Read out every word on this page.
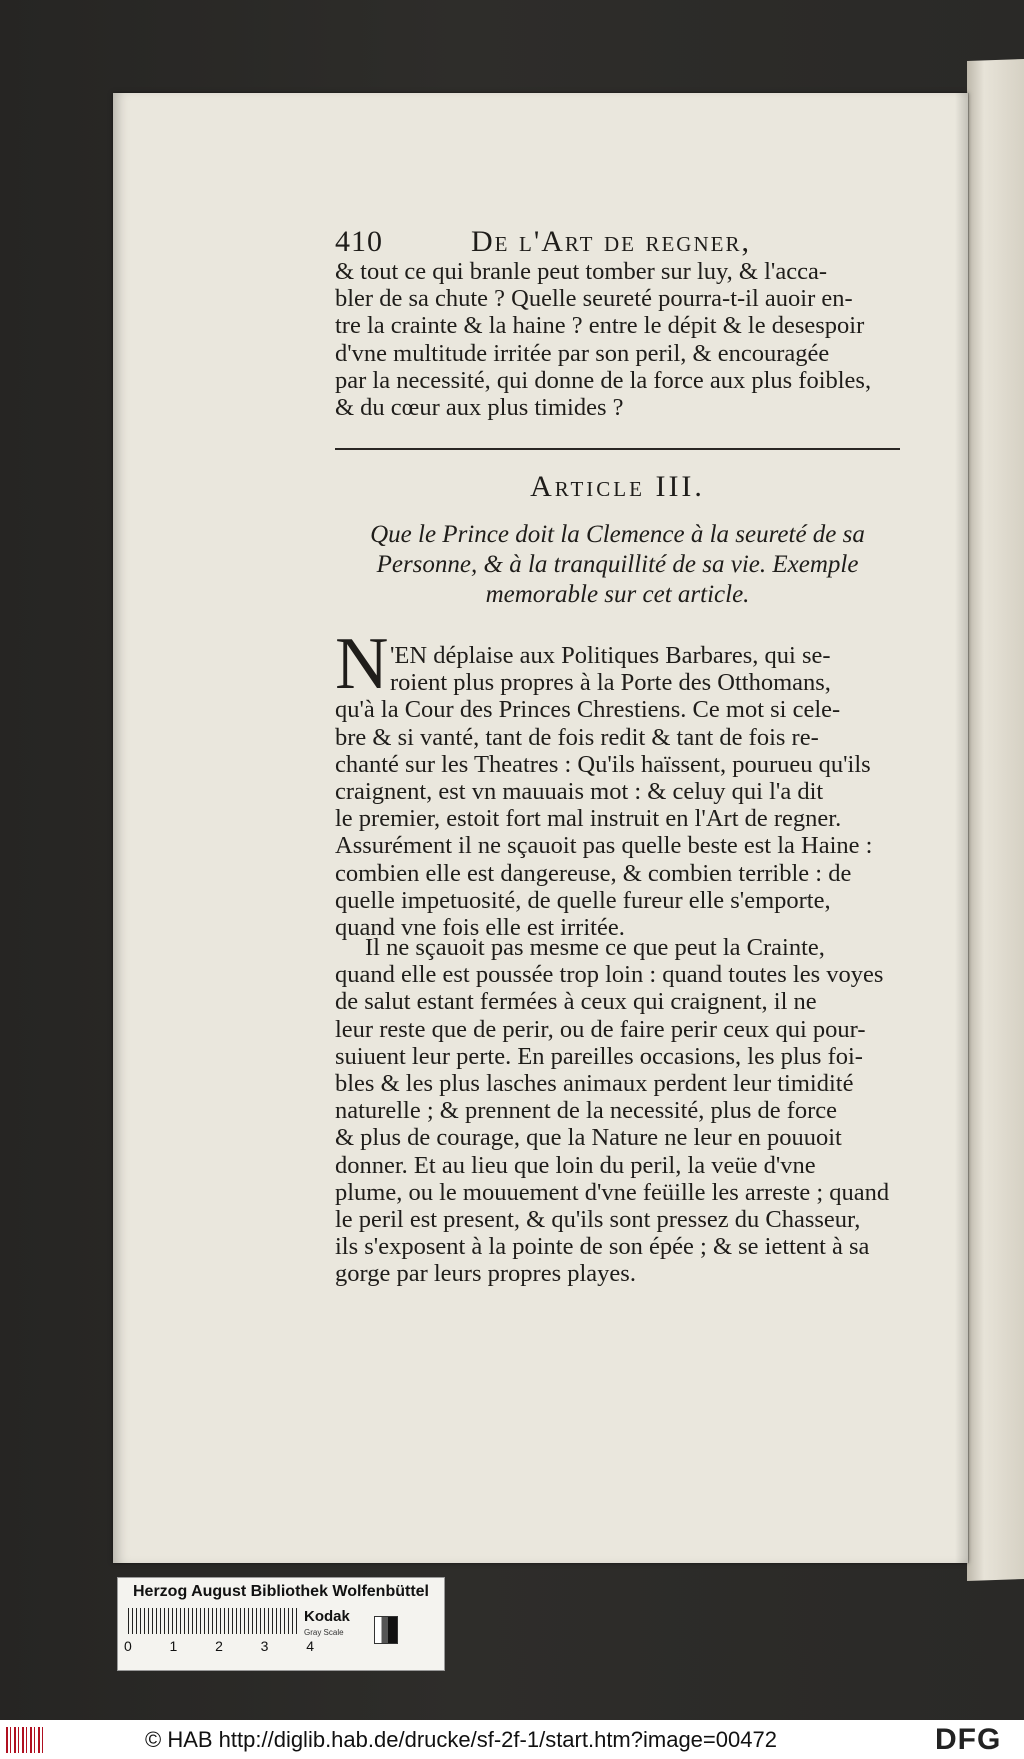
410	De l'Art de regner,
& tout ce qui branle peut tomber sur luy, & l'acca-
bler de sa chute ? Quelle seureté pourra-t-il auoir en-
tre la crainte & la haine ? entre le dépit & le desespoir
d'vne multitude irritée par son peril, & encouragée
par la necessité, qui donne de la force aux plus foibles,
& du cœur aux plus timides ?
Article III.
Que le Prince doit la Clemence à la seureté de sa
Personne, & à la tranquillité de sa vie. Exemple
memorable sur cet article.
N 'EN déplaise aux Politiques Barbares, qui se-
roient plus propres à la Porte des Otthomans,
qu'à la Cour des Princes Chrestiens. Ce mot si cele-
bre & si vanté, tant de fois redit & tant de fois re-
chanté sur les Theatres : Qu'ils haïssent, pourueu qu'ils
craignent, est vn mauuais mot : & celuy qui l'a dit
le premier, estoit fort mal instruit en l'Art de regner.
Assurément il ne sçauoit pas quelle beste est la Haine :
combien elle est dangereuse, & combien terrible : de
quelle impetuosité, de quelle fureur elle s'emporte,
quand vne fois elle est irritée.
Il ne sçauoit pas mesme ce que peut la Crainte,
quand elle est poussée trop loin : quand toutes les voyes
de salut estant fermées à ceux qui craignent, il ne
leur reste que de perir, ou de faire perir ceux qui pour-
suiuent leur perte. En pareilles occasions, les plus foi-
bles & les plus lasches animaux perdent leur timidité
naturelle ; & prennent de la necessité, plus de force
& plus de courage, que la Nature ne leur en pouuoit
donner. Et au lieu que loin du peril, la veüe d'vne
plume, ou le mouuement d'vne feüille les arreste ; quand
le peril est present, & qu'ils sont pressez du Chasseur,
ils s'exposent à la pointe de son épée ; & se iettent à sa
gorge par leurs propres playes.
Herzog August Bibliothek Wolfenbüttel
0	1	2	3	4
Kodak
Gray Scale
© HAB http://diglib.hab.de/drucke/sf-2f-1/start.htm?image=00472	DFG
